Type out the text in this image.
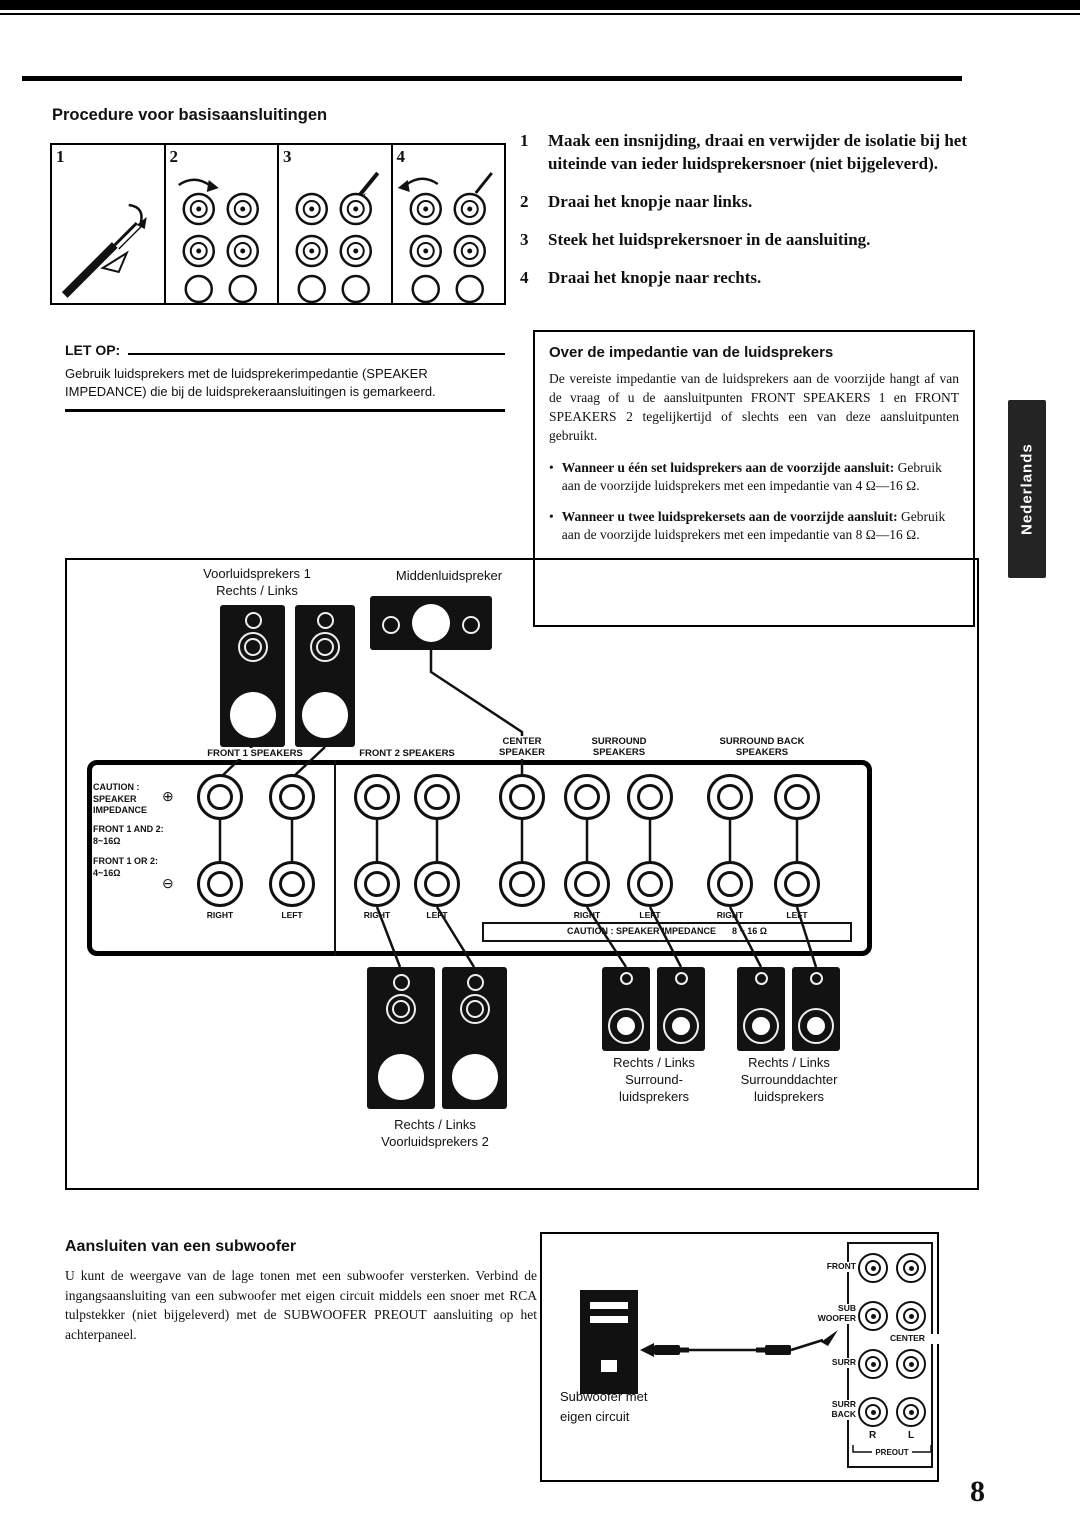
Procedure voor basisaansluitingen
1	2	3	4
1	Maak een insnijding, draai en verwijder de isolatie bij het uiteinde van ieder luidsprekersnoer (niet bijgeleverd).
2	Draai het knopje naar links.
3	Steek het luidsprekersnoer in de aansluiting.
4	Draai het knopje naar rechts.
LET OP:

Gebruik luidsprekers met de luidsprekerimpedantie (SPEAKER IMPEDANCE) die bij de luidsprekeraansluitingen is gemarkeerd.

Over de impedantie van de luidsprekers

De vereiste impedantie van de luidsprekers aan de voorzijde hangt af van de vraag of u de aansluitpunten FRONT SPEAKERS 1 en FRONT SPEAKERS 2 tegelijkertijd of slechts een van deze aansluitpunten gebruikt.

• Wanneer u één set luidsprekers aan de voorzijde aansluit: Gebruik aan de voorzijde luidsprekers met een impedantie van 4 Ω—16 Ω.
• Wanneer u twee luidsprekersets aan de voorzijde aansluit: Gebruik aan de voorzijde luidsprekers met een impedantie van 8 Ω—16 Ω.	Nederlands
Voorluidsprekers 1
Rechts / Links
Middenluidspreker
FRONT 1 SPEAKERS	FRONT 2 SPEAKERS
CENTER
SPEAKER
SURROUND
SPEAKERS
SURROUND BACK
SPEAKERS
CAUTION :
SPEAKER
IMPEDANCE
FRONT 1 AND 2:
8~16Ω
FRONT 1 OR 2:
4~16Ω
⊕
⊖
RIGHT	LEFT	RIGHT	LEFT	RIGHT	LEFT	RIGHT	LEFT
CAUTION : SPEAKER IMPEDANCE 8 ~ 16 Ω
Rechts / Links
Voorluidsprekers 2
Rechts / Links
Surround-
luidsprekers
Rechts / Links
Surrounddachter
luidsprekers
Aansluiten van een subwoofer
U kunt de weergave van de lage tonen met een subwoofer versterken. Verbind de ingangsaansluiting van een subwoofer met eigen circuit middels een snoer met RCA tulpstekker (niet bijgeleverd) met de SUBWOOFER PREOUT aansluiting op het achterpaneel.
FRONT
SUB
WOOFER
SURR
SURR
BACK
CENTER
R	L
PREOUT
Subwoofer met
eigen circuit
8
